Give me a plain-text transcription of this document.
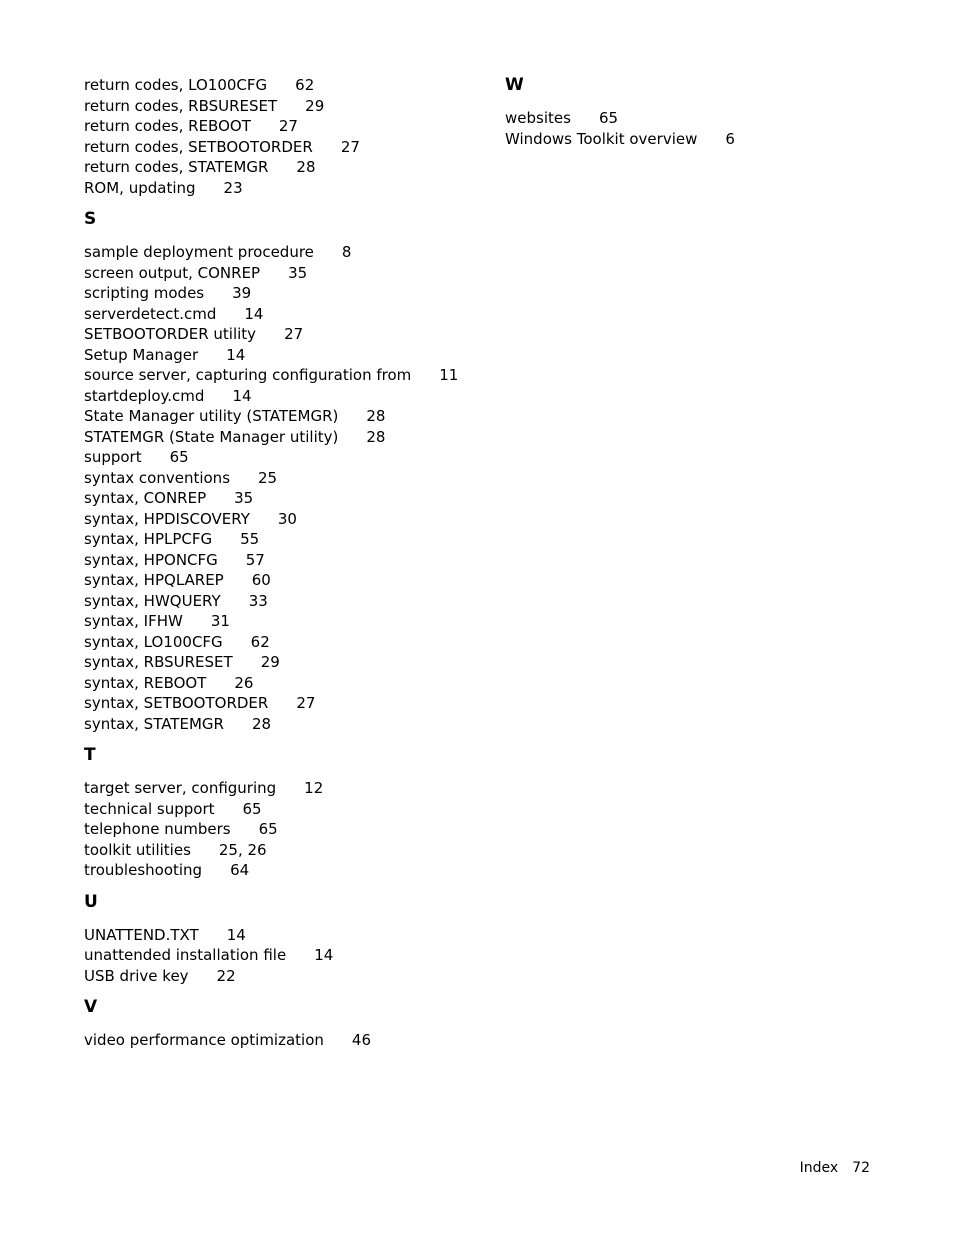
return codes, LO100CFG 62
return codes, RBSURESET 29
return codes, REBOOT 27
return codes, SETBOOTORDER 27
return codes, STATEMGR 28
ROM, updating 23
S
sample deployment procedure 8
screen output, CONREP 35
scripting modes 39
serverdetect.cmd 14
SETBOOTORDER utility 27
Setup Manager 14
source server, capturing configuration from 11
startdeploy.cmd 14
State Manager utility (STATEMGR) 28
STATEMGR (State Manager utility) 28
support 65
syntax conventions 25
syntax, CONREP 35
syntax, HPDISCOVERY 30
syntax, HPLPCFG 55
syntax, HPONCFG 57
syntax, HPQLAREP 60
syntax, HWQUERY 33
syntax, IFHW 31
syntax, LO100CFG 62
syntax, RBSURESET 29
syntax, REBOOT 26
syntax, SETBOOTORDER 27
syntax, STATEMGR 28
T
target server, configuring 12
technical support 65
telephone numbers 65
toolkit utilities 25, 26
troubleshooting 64
U
UNATTEND.TXT 14
unattended installation file 14
USB drive key 22
V
video performance optimization 46
W
websites 65
Windows Toolkit overview 6
Index 72
